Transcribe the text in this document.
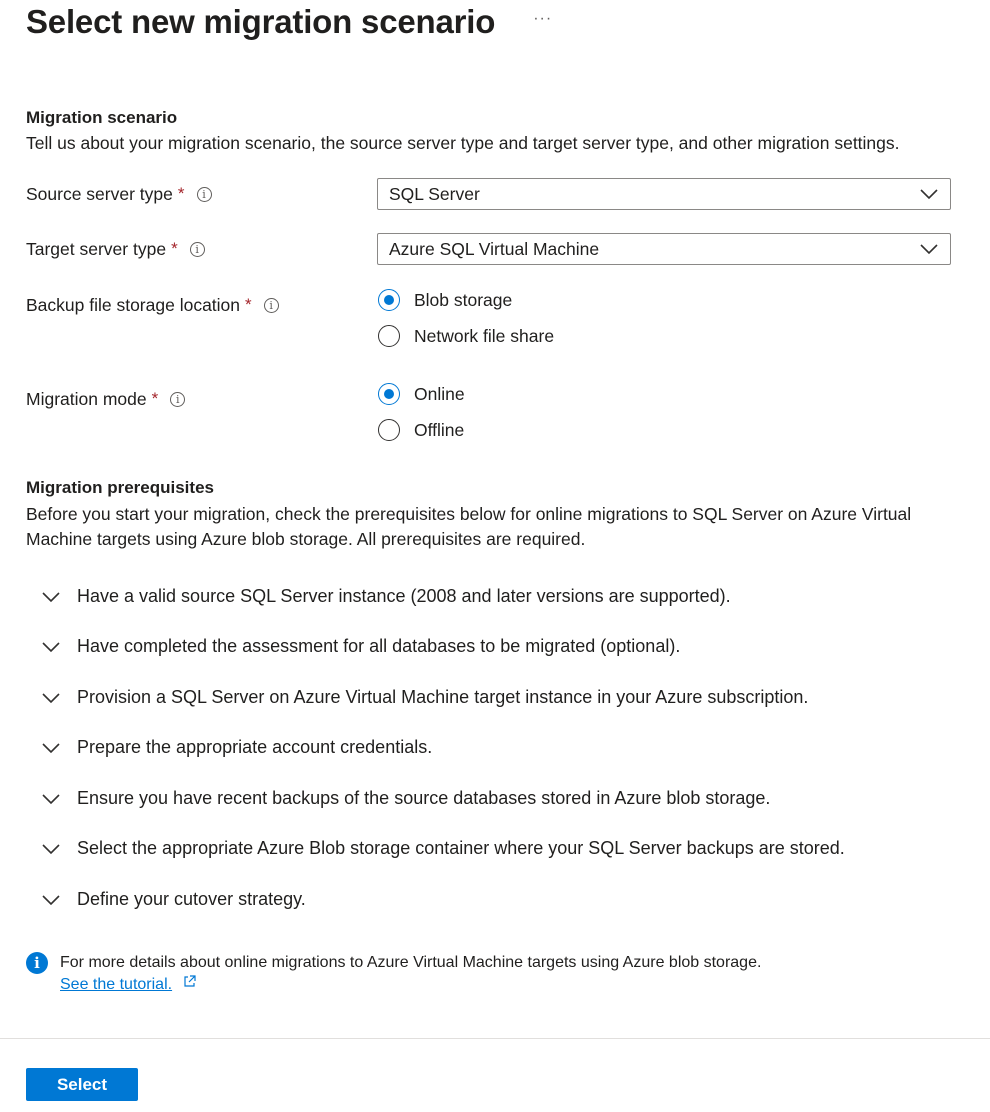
Select new migration scenario ···
Migration scenario
Tell us about your migration scenario, the source server type and target server type, and other migration settings.
Source server type *	i	SQL Server
Target server type *	i	Azure SQL Virtual Machine
Backup file storage location *	i	Blob storage
Network file share
Migration mode *	i	Online
Offline
Migration prerequisites
Before you start your migration, check the prerequisites below for online migrations to SQL Server on Azure Virtual Machine targets using Azure blob storage. All prerequisites are required.
Have a valid source SQL Server instance (2008 and later versions are supported).
Have completed the assessment for all databases to be migrated (optional).
Provision a SQL Server on Azure Virtual Machine target instance in your Azure subscription.
Prepare the appropriate account credentials.
Ensure you have recent backups of the source databases stored in Azure blob storage.
Select the appropriate Azure Blob storage container where your SQL Server backups are stored.
Define your cutover strategy.
i	For more details about online migrations to Azure Virtual Machine targets using Azure blob storage.
See the tutorial.
Select
